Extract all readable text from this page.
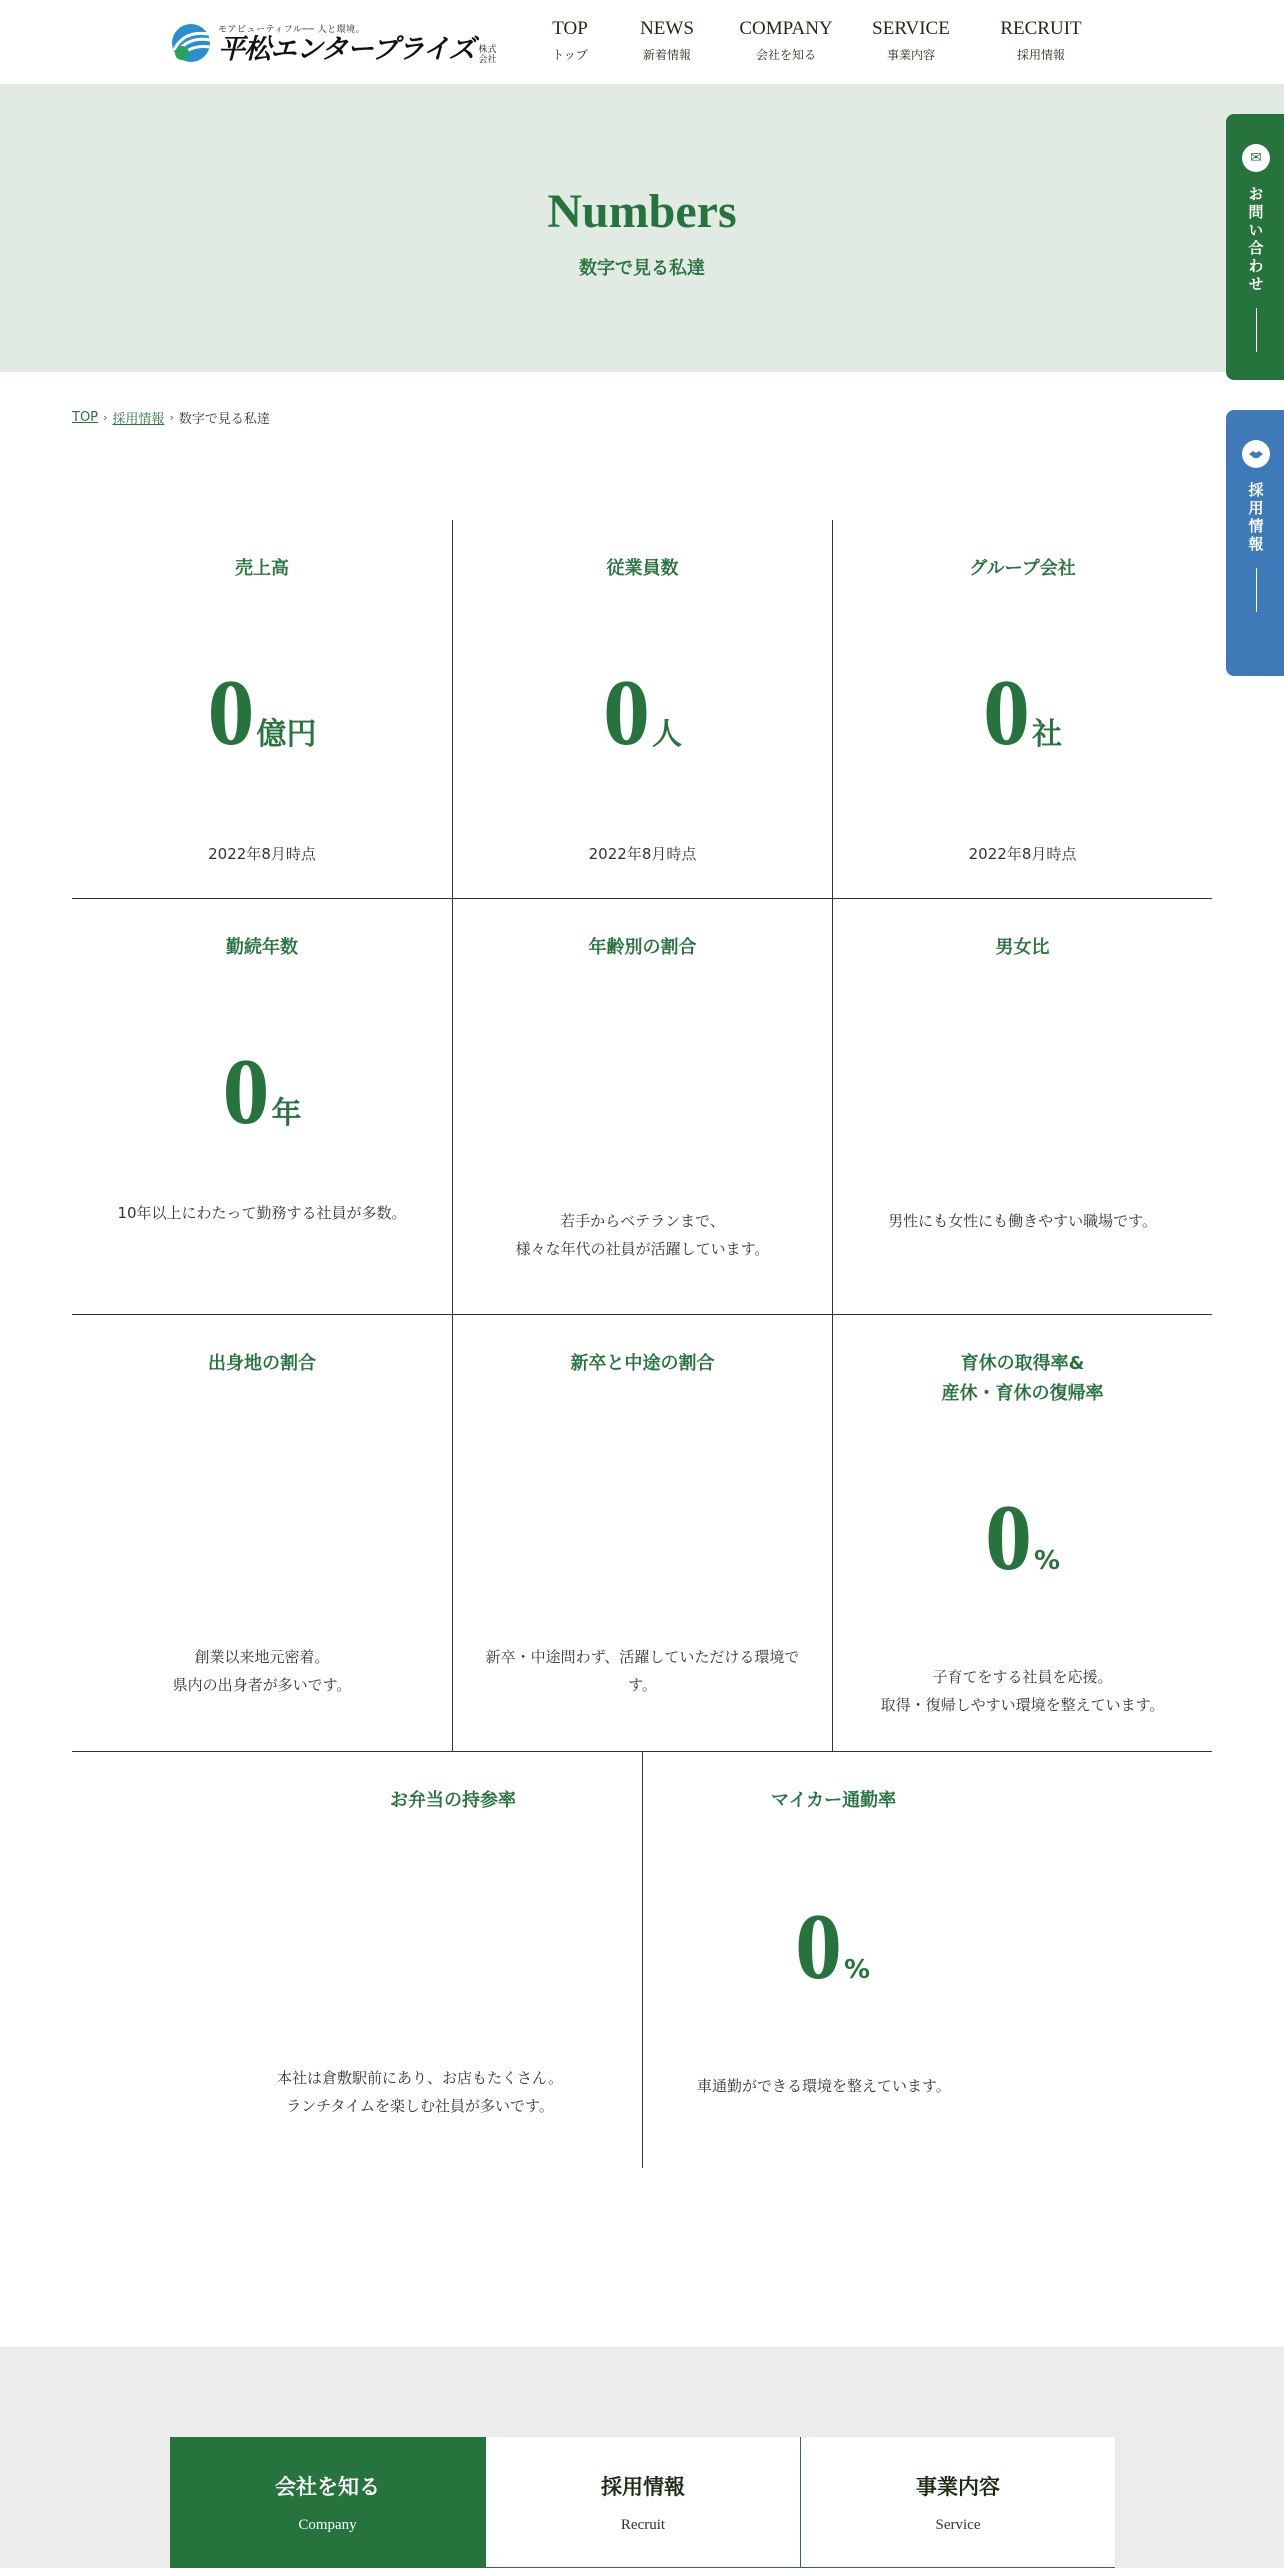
モアビューティフル── 人と環境。
平松エンタープライズ 株式会社
TOP
トップ
NEWS
新着情報
COMPANY
会社を知る
SERVICE
事業内容
RECRUIT
採用情報
Numbers

数字で見る私達

✉
お問い合わせ
採用情報
TOP › 採用情報 › 数字で見る私達
売上高
0 億円
2022年8月時点
従業員数
0 人
2022年8月時点
グループ会社
0 社
2022年8月時点
勤続年数
0 年
10年以上にわたって勤務する社員が多数。
年齢別の割合
若手からベテランまで、
様々な年代の社員が活躍しています。
男女比
男性にも女性にも働きやすい職場です。
出身地の割合
創業以来地元密着。
県内の出身者が多いです。
新卒と中途の割合
新卒・中途問わず、活躍していただける環境で
す。
育休の取得率&
産休・育休の復帰率
0 %
子育てをする社員を応援。
取得・復帰しやすい環境を整えています。
お弁当の持参率
本社は倉敷駅前にあり、お店もたくさん。
ランチタイムを楽しむ社員が多いです。
マイカー通勤率
0 %
車通勤ができる環境を整えています。
会社を知る
Company
採用情報
Recruit
事業内容
Service
